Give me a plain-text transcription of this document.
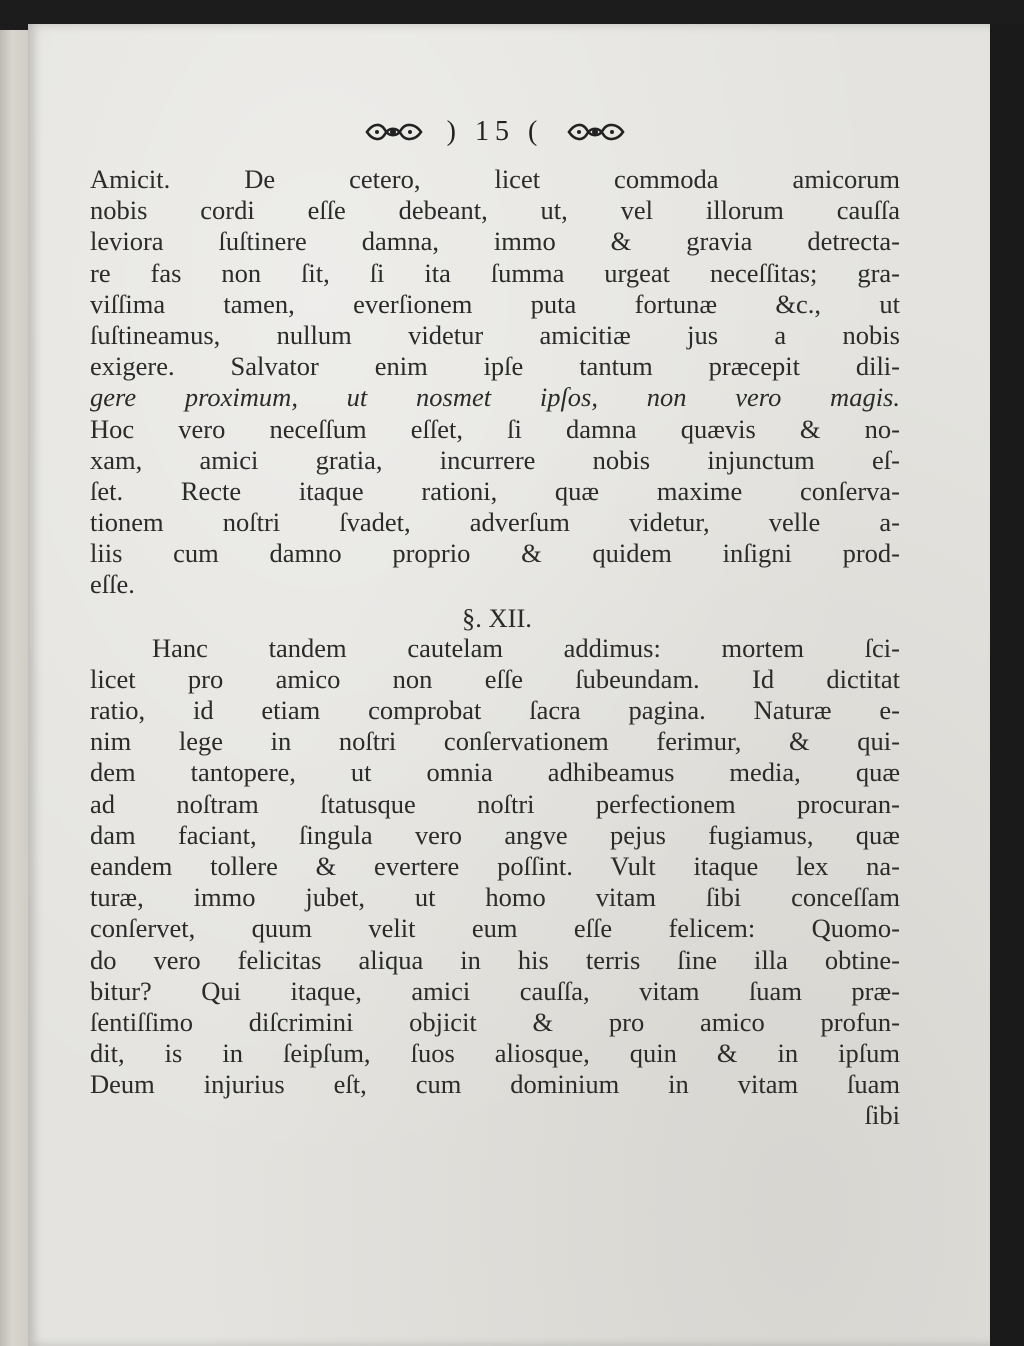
) 15 (
Amicit. De cetero, licet commoda amicorum
nobis cordi eſſe debeant, ut, vel illorum cauſſa
leviora ſuſtinere damna, immo & gravia detrecta-
re fas non ſit, ſi ita ſumma urgeat neceſſitas; gra-
viſſima tamen, everſionem puta fortunæ &c., ut
ſuſtineamus, nullum videtur amicitiæ jus a nobis
exigere. Salvator enim ipſe tantum præcepit dili-
gere proximum, ut nosmet ipſos, non vero magis.
Hoc vero neceſſum eſſet, ſi damna quævis & no-
xam, amici gratia, incurrere nobis injunctum eſ-
ſet. Recte itaque rationi, quæ maxime conſerva-
tionem noſtri ſvadet, adverſum videtur, velle a-
liis cum damno proprio & quidem inſigni prod-
eſſe.
§. XII.
Hanc tandem cautelam addimus: mortem ſci-
licet pro amico non eſſe ſubeundam. Id dictitat
ratio, id etiam comprobat ſacra pagina. Naturæ e-
nim lege in noſtri conſervationem ferimur, & qui-
dem tantopere, ut omnia adhibeamus media, quæ
ad noſtram ſtatusque noſtri perfectionem procuran-
dam faciant, ſingula vero angve pejus fugiamus, quæ
eandem tollere & evertere poſſint. Vult itaque lex na-
turæ, immo jubet, ut homo vitam ſibi conceſſam
conſervet, quum velit eum eſſe felicem: Quomo-
do vero felicitas aliqua in his terris ſine illa obtine-
bitur? Qui itaque, amici cauſſa, vitam ſuam præ-
ſentiſſimo diſcrimini objicit & pro amico profun-
dit, is in ſeipſum, ſuos aliosque, quin & in ipſum
Deum injurius eſt, cum dominium in vitam ſuam
ſibi
